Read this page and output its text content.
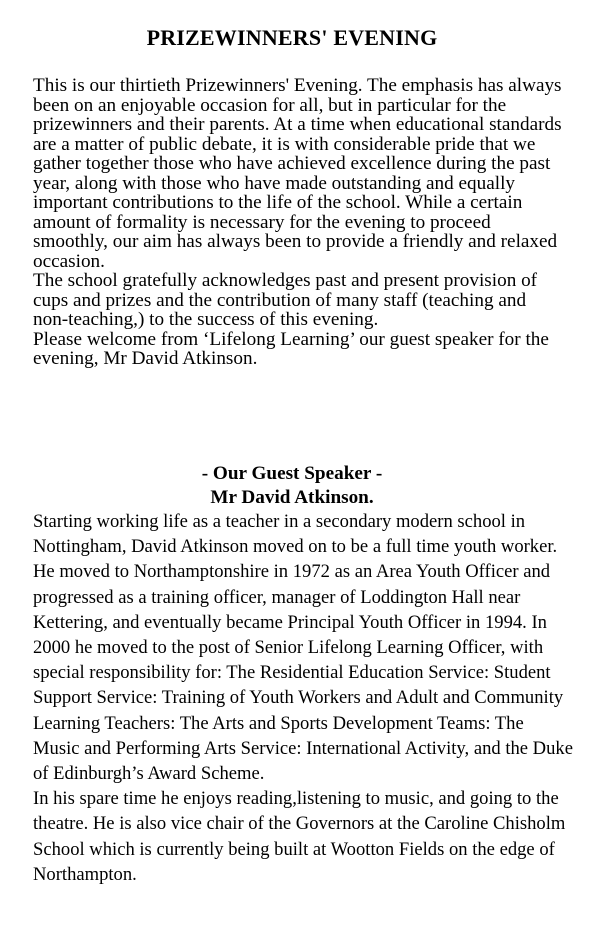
PRIZEWINNERS' EVENING

This is our thirtieth Prizewinners' Evening. The emphasis has always been on an enjoyable occasion for all, but in particular for the prizewinners and their parents. At a time when educational standards are a matter of public debate, it is with considerable pride that we gather together those who have achieved excellence during the past year, along with those who have made outstanding and equally important contributions to the life of the school. While a certain amount of formality is necessary for the evening to proceed smoothly, our aim has always been to provide a friendly and relaxed occasion.

The school gratefully acknowledges past and present provision of cups and prizes and the contribution of many staff (teaching and non-teaching,) to the success of this evening.

Please welcome from ‘Lifelong Learning’ our guest speaker for the evening, Mr David Atkinson.

- Our Guest Speaker -
Mr David Atkinson.

Starting working life as a teacher in a secondary modern school in Nottingham, David Atkinson moved on to be a full time youth worker. He moved to Northamptonshire in 1972 as an Area Youth Officer and progressed as a training officer, manager of Loddington Hall near Kettering, and eventually became Principal Youth Officer in 1994. In 2000 he moved to the post of Senior Lifelong Learning Officer, with special responsibility for: The Residential Education Service: Student Support Service: Training of Youth Workers and Adult and Community Learning Teachers: The Arts and Sports Development Teams: The Music and Performing Arts Service: International Activity, and the Duke of Edinburgh’s Award Scheme.

In his spare time he enjoys reading,listening to music, and going to the theatre. He is also vice chair of the Governors at the Caroline Chisholm School which is currently being built at Wootton Fields on the edge of Northampton.
